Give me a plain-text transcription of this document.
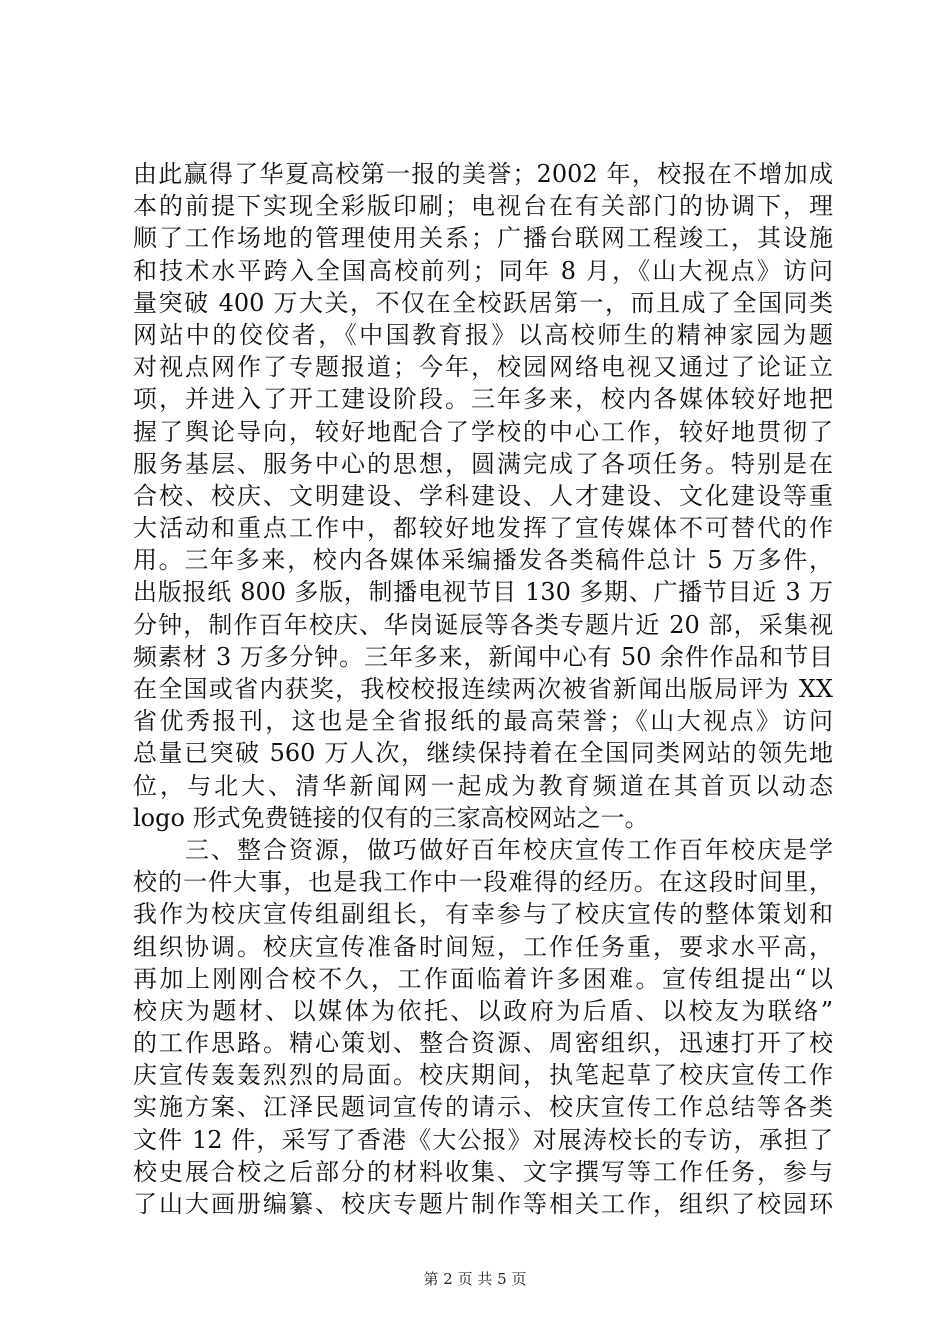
由此赢得了华夏高校第一报的美誉；2002 年，校报在不增加成
本的前提下实现全彩版印刷；电视台在有关部门的协调下，理
顺了工作场地的管理使用关系；广播台联网工程竣工，其设施
和技术水平跨入全国高校前列；同年 8 月，《山大视点》访问
量突破 400 万大关，不仅在全校跃居第一，而且成了全国同类
网站中的佼佼者，《中国教育报》以高校师生的精神家园为题
对视点网作了专题报道；今年，校园网络电视又通过了论证立
项，并进入了开工建设阶段。三年多来，校内各媒体较好地把
握了舆论导向，较好地配合了学校的中心工作，较好地贯彻了
服务基层、服务中心的思想，圆满完成了各项任务。特别是在
合校、校庆、文明建设、学科建设、人才建设、文化建设等重
大活动和重点工作中，都较好地发挥了宣传媒体不可替代的作
用。三年多来，校内各媒体采编播发各类稿件总计 5 万多件，
出版报纸 800 多版，制播电视节目 130 多期、广播节目近 3 万
分钟，制作百年校庆、华岗诞辰等各类专题片近 20 部，采集视
频素材 3 万多分钟。三年多来，新闻中心有 50 余件作品和节目
在全国或省内获奖，我校校报连续两次被省新闻出版局评为 XX
省优秀报刊，这也是全省报纸的最高荣誉；《山大视点》访问
总量已突破 560 万人次，继续保持着在全国同类网站的领先地
位，与北大、清华新闻网一起成为教育频道在其首页以动态
logo 形式免费链接的仅有的三家高校网站之一。
三、整合资源，做巧做好百年校庆宣传工作百年校庆是学
校的一件大事，也是我工作中一段难得的经历。在这段时间里，
我作为校庆宣传组副组长，有幸参与了校庆宣传的整体策划和
组织协调。校庆宣传准备时间短，工作任务重，要求水平高，
再加上刚刚合校不久，工作面临着许多困难。宣传组提出“以
校庆为题材、以媒体为依托、以政府为后盾、以校友为联络”
的工作思路。精心策划、整合资源、周密组织，迅速打开了校
庆宣传轰轰烈烈的局面。校庆期间，执笔起草了校庆宣传工作
实施方案、江泽民题词宣传的请示、校庆宣传工作总结等各类
文件 12 件，采写了香港《大公报》对展涛校长的专访，承担了
校史展合校之后部分的材料收集、文字撰写等工作任务，参与
了山大画册编纂、校庆专题片制作等相关工作，组织了校园环
第 2 页 共 5 页
